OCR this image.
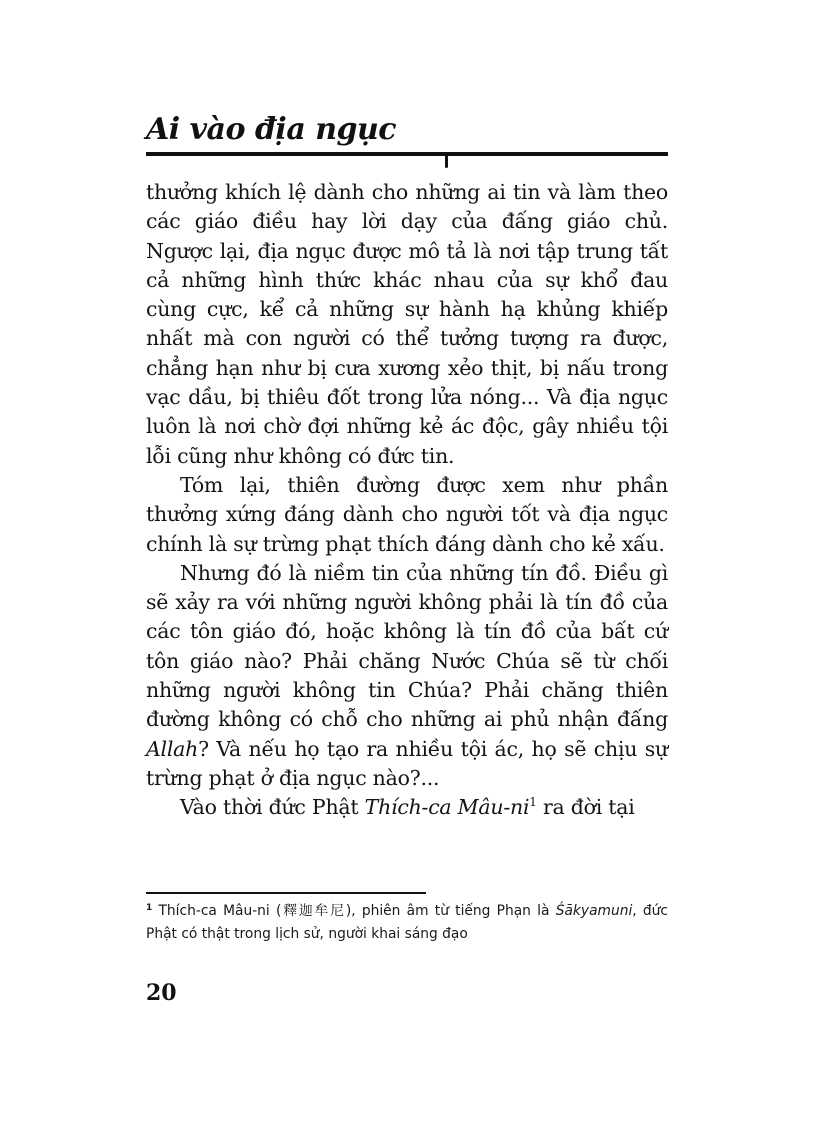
Ai vào địa ngục

thưởng khích lệ dành cho những ai tin và làm theo các giáo điều hay lời dạy của đấng giáo chủ. Ngược lại, địa ngục được mô tả là nơi tập trung tất cả những hình thức khác nhau của sự khổ đau cùng cực, kể cả những sự hành hạ khủng khiếp nhất mà con người có thể tưởng tượng ra được, chẳng hạn như bị cưa xương xẻo thịt, bị nấu trong vạc dầu, bị thiêu đốt trong lửa nóng... Và địa ngục luôn là nơi chờ đợi những kẻ ác độc, gây nhiều tội lỗi cũng như không có đức tin.

Tóm lại, thiên đường được xem như phần thưởng xứng đáng dành cho người tốt và địa ngục chính là sự trừng phạt thích đáng dành cho kẻ xấu.

Nhưng đó là niềm tin của những tín đồ. Điều gì sẽ xảy ra với những người không phải là tín đồ của các tôn giáo đó, hoặc không là tín đồ của bất cứ tôn giáo nào? Phải chăng Nước Chúa sẽ từ chối những người không tin Chúa? Phải chăng thiên đường không có chỗ cho những ai phủ nhận đấng Allah? Và nếu họ tạo ra nhiều tội ác, họ sẽ chịu sự trừng phạt ở địa ngục nào?...

Vào thời đức Phật Thích-ca Mâu-$ni^1$ ra đời tại

$^1$ Thích-ca Mâu-ni (釋迦牟尼), phiên âm từ tiếng Phạn là Śākyamuni, đức Phật có thật trong lịch sử, người khai sáng đạo

20
